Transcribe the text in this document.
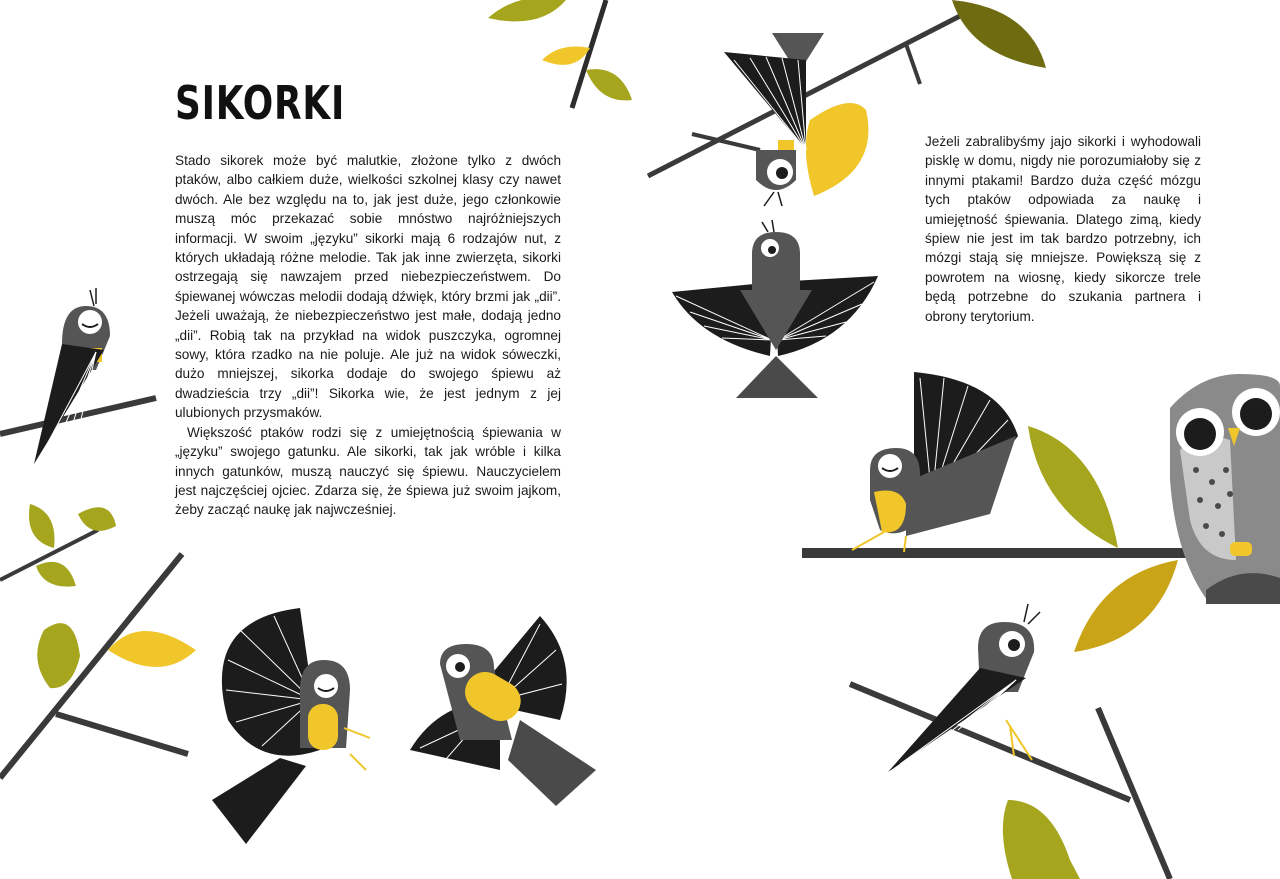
SIKORKI

Stado sikorek może być malutkie, złożone tylko z dwóch ptaków, albo całkiem duże, wielkości szkolnej klasy czy nawet dwóch. Ale bez względu na to, jak jest duże, jego członkowie muszą móc przekazać sobie mnóstwo najróżniejszych informacji. W swoim „języku” sikorki mają 6 rodzajów nut, z których układają różne melodie. Tak jak inne zwierzęta, sikorki ostrzegają się nawzajem przed niebezpieczeństwem. Do śpiewanej wówczas melodii dodają dźwięk, który brzmi jak „dii”. Jeżeli uważają, że niebezpieczeństwo jest małe, dodają jedno „dii”. Robią tak na przykład na widok puszczyka, ogromnej sowy, która rzadko na nie poluje. Ale już na widok sóweczki, dużo mniejszej, sikorka dodaje do swojego śpiewu aż dwadzieścia trzy „dii”! Sikorka wie, że jest jednym z jej ulubionych przysmaków.

Większość ptaków rodzi się z umiejętnością śpiewania w „języku” swojego gatunku. Ale sikorki, tak jak wróble i kilka innych gatunków, muszą nauczyć się śpiewu. Nauczycielem jest najczęściej ojciec. Zdarza się, że śpiewa już swoim jajkom, żeby zacząć naukę jak najwcześniej.

Jeżeli zabralibyśmy jajo sikorki i wyhodowali pisklę w domu, nigdy nie porozumiałoby się z innymi ptakami! Bardzo duża część mózgu tych ptaków odpowiada za naukę i umiejętność śpiewania. Dlatego zimą, kiedy śpiew nie jest im tak bardzo potrzebny, ich mózgi stają się mniejsze. Powiększą się z powrotem na wiosnę, kiedy sikorcze trele będą potrzebne do szukania partnera i obrony terytorium.
